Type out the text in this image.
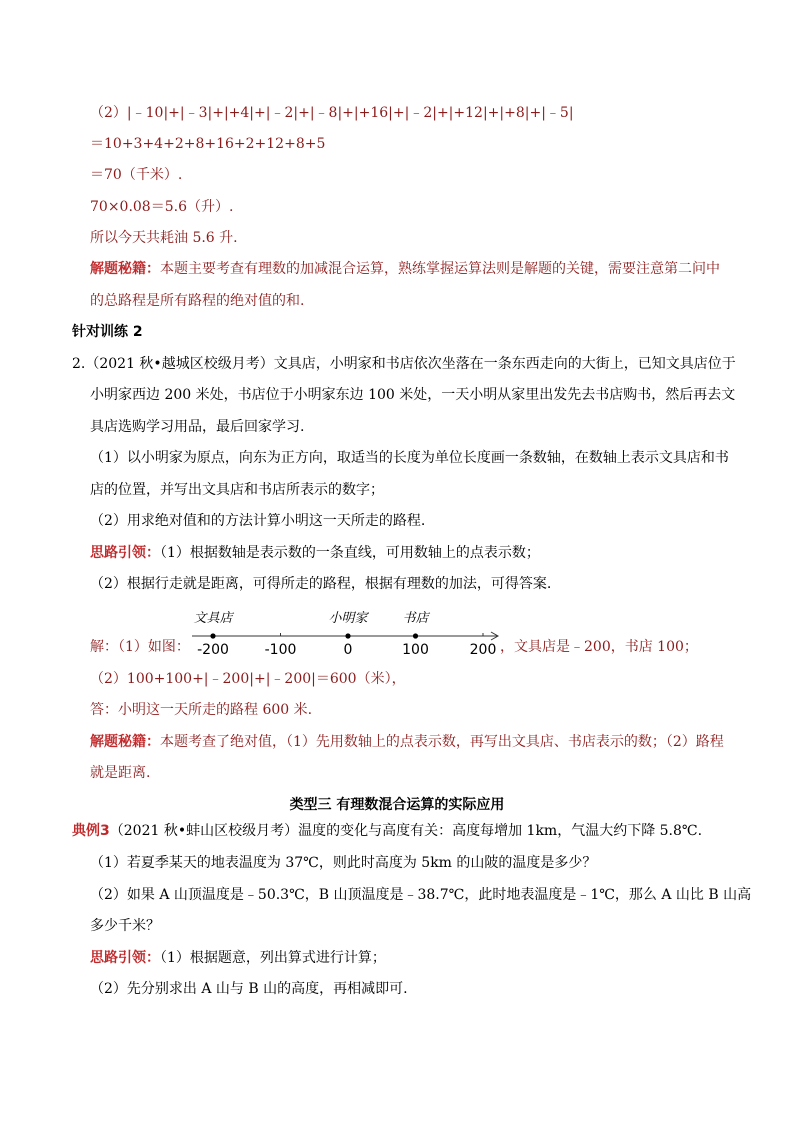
（2）|﹣10|+|﹣3|+|+4|+|﹣2|+|﹣8|+|+16|+|﹣2|+|+12|+|+8|+|﹣5|
＝10+3+4+2+8+16+2+12+8+5
＝70（千米）.
70×0.08＝5.6（升）.
所以今天共耗油 5.6 升.
解题秘籍：本题主要考查有理数的加减混合运算，熟练掌握运算法则是解题的关键，需要注意第二问中
的总路程是所有路程的绝对值的和.
针对训练 2
2.（2021 秋•越城区校级月考）文具店，小明家和书店依次坐落在一条东西走向的大街上，已知文具店位于
小明家西边 200 米处，书店位于小明家东边 100 米处，一天小明从家里出发先去书店购书，然后再去文
具店选购学习用品，最后回家学习.
（1）以小明家为原点，向东为正方向，取适当的长度为单位长度画一条数轴，在数轴上表示文具店和书
店的位置，并写出文具店和书店所表示的数字；
（2）用求绝对值和的方法计算小明这一天所走的路程.
思路引领：（1）根据数轴是表示数的一条直线，可用数轴上的点表示数；
（2）根据行走就是距离，可得所走的路程，根据有理数的加法，可得答案.
解：（1）如图：
文具店
-200	-100
小明家
0
书店
100	200 ，文具店是﹣200，书店 100；
（2）100+100+|﹣200|+|﹣200|＝600（米），
答：小明这一天所走的路程 600 米.
解题秘籍：本题考查了绝对值，（1）先用数轴上的点表示数，再写出文具店、书店表示的数；（2）路程
就是距离.
类型三 有理数混合运算的实际应用
典例3（2021 秋•蚌山区校级月考）温度的变化与高度有关：高度每增加 1km，气温大约下降 5.8℃.
（1）若夏季某天的地表温度为 37℃，则此时高度为 5km 的山陂的温度是多少？
（2）如果 A 山顶温度是﹣50.3℃，B 山顶温度是﹣38.7℃，此时地表温度是﹣1℃，那么 A 山比 B 山高
多少千米？
思路引领：（1）根据题意，列出算式进行计算；
（2）先分别求出 A 山与 B 山的高度，再相减即可.
